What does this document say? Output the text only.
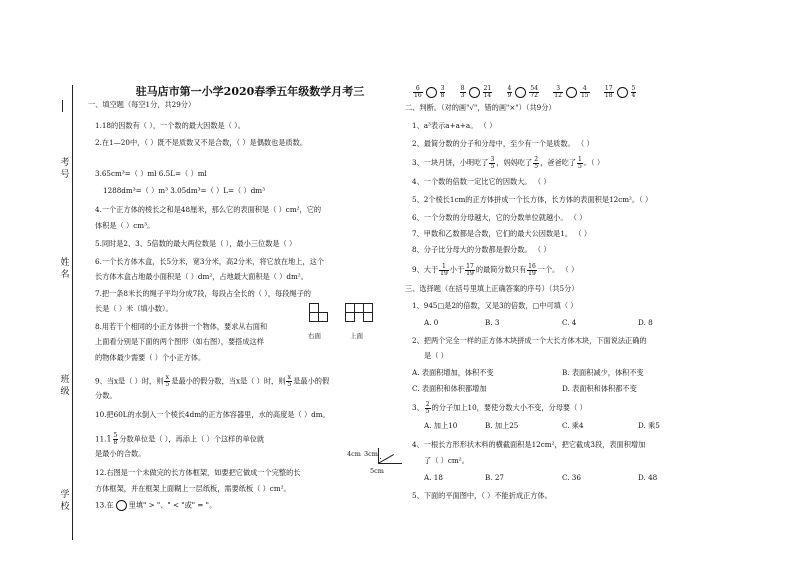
考号
姓名
班级
学校
驻马店市第一小学2020春季五年级数学月考三
一、填空题（每空1分，共29分）
1.18的因数有（ ），一个数的最大因数是（ ）。
2.在1—20中，（ ）既不是质数又不是合数，（ ）是偶数也是质数。
3.65cm³=（ ）ml 6.5L=（ ）ml
1288dm³=（ ）m³ 3.05dm³=（ ）L=（ ）dm³
4.一个正方体的棱长之和是48厘米，那么它的表面积是（ ）cm²，它的
体积是（ ）cm³。
5.同时是2、3、5倍数的最大两位数是（ ），最小三位数是（ ）
6.一个长方体木盒，长5分米，宽3分米，高2分米，将它放在地上，这个
长方体木盒占地最小面积是（ ）dm²，占地最大面积是（ ）dm²。
7.把一条8米长的绳子平均分成7段，每段占全长的（ ），每段绳子的
长是（ ）米（填小数）。
8.用若干个相同的小正方体拼一个物体，要求从右面和
上面看分别是下面的两个图形（如右图），要搭成这样
的物体最少需要（ ）个小正方体。
右面	上面
9、当x是（ ）时，则 $\frac{x}{5}$ 是最小的假分数，当x是（ ）时，则 $\frac{x}{5}$ 是最小的假
分数。
10.把60L的水倒入一个棱长4dm的正方体容器里，水的高度是（ ）dm。
$11.1 \frac{5}{8}$ 分数单位是（ ），再添上（ ）个这样的单位就
是最小的合数。
12.右图是一个未做完的长方体框架，如要把它做成一个完整的长
方体框架，并在框架上面糊上一层纸板，需要纸板（ ）cm²。
13.在 里填" > "、" < "或" = "。
4cm 3cm
5cm
$\frac{6}{16}$	$\frac{3}{8}$
$\frac{8}{3}$	$\frac{21}{14}$
$\frac{4}{9}$	$\frac{54}{72}$
$\frac{3}{12}$	$\frac{4}{15}$
$\frac{17}{18}$	$\frac{5}{4}$
二、判断。（对的画"√"，错的画"×"）（共9分）
1、a³表示a+a+a。 （ ）
2、最简分数的分子和分母中，至少有一个是质数。 （ ）
3、一块月饼，小明吃了 $\frac{3}{5}$ ，妈妈吃了 $\frac{2}{5}$ ，爸爸吃了 $\frac{1}{5}$ 。（ ）
4、一个数的倍数一定比它的因数大。 （ ）
5、2个棱长1cm的正方体拼成一个长方体，长方体的表面积是12cm²。（ ）
6、一个分数的分母越大，它的分数单位就越小。 （ ）
7、甲数和乙数都是合数，它们的最大公因数是1。 （ ）
8、分子比分母大的分数都是假分数。 （ ）
9、大于 $\frac{1}{19}$ 小于 $\frac{17}{19}$ 的最简分数只有 $\frac{16}{19}$ 一个。 （ ）
三、选择题（在括号里填上正确答案的序号）（共5分）
1、945□是2的倍数，又是3的倍数，□中可填（ ）
A. 0	B. 3	C. 4	D. 8
2、把两个完全一样的正方体木块拼成一个大长方体木块，下面说法正确的
是（ ）
A. 表面积增加，体积不变	B. 表面积减少，体积不变
C. 表面积和体积都增加	D. 表面积和体积都不变
3、 $\frac{2}{5}$ 的分子加上10，要使分数大小不变，分母要（ ）
A. 加上10	B. 加上25	C. 乘4	D. 乘5
4、一根长方形形状木料的横截面积是12cm²，把它截成3段，表面积增加
了（ ）cm²。
A. 18	B. 27	C. 36	D. 48
5、下面的平面图中，（ ）不能折成正方体。
